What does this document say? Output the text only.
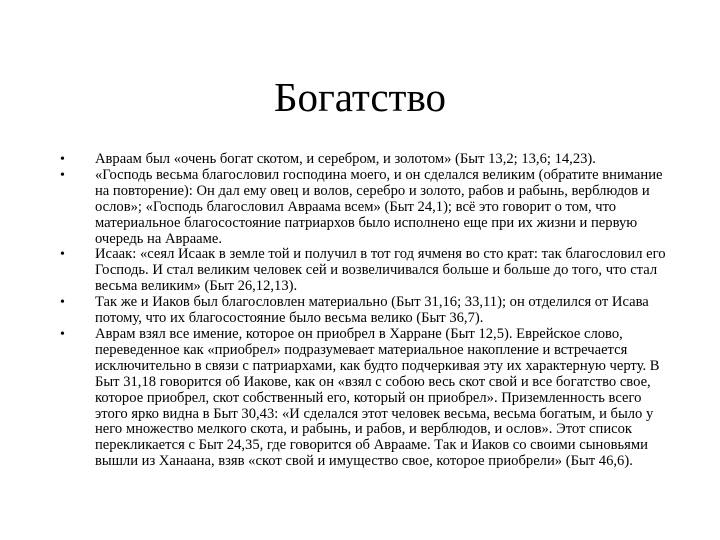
Богатство
• Авраам был «очень богат скотом, и серебром, и золотом» (Быт 13,2; 13,6; 14,23).
• «Господь весьма благословил господина моего, и он сделался великим (обратите внимание на повторение): Он дал ему овец и волов, серебро и золото, рабов и рабынь, верблюдов и ослов»; «Господь благословил Авраама всем» (Быт 24,1); всё это говорит о том, что материальное благосостояние патриархов было исполнено еще при их жизни и первую очередь на Аврааме.
• Исаак: «сеял Исаак в земле той и получил в тот год ячменя во сто крат: так благословил его Господь. И стал великим человек сей и возвеличивался больше и больше до того, что стал весьма великим» (Быт 26,12,13).
• Так же и Иаков был благословлен материально (Быт 31,16; 33,11); он отделился от Исава потому, что их благосостояние было весьма велико (Быт 36,7).
• Аврам взял все имение, которое он приобрел в Харране (Быт 12,5). Еврейское слово, переведенное как «приобрел» подразумевает материальное накопление и встречается исключительно в связи с патриархами, как будто подчеркивая эту их характерную черту. В Быт 31,18 говорится об Иакове, как он «взял с собою весь скот свой и все богатство свое, которое приобрел, скот собственный его, который он приобрел». Приземленность всего этого ярко видна в Быт 30,43: «И сделался этот человек весьма, весьма богатым, и было у него множество мелкого скота, и рабынь, и рабов, и верблюдов, и ослов». Этот список перекликается с Быт 24,35, где говорится об Аврааме. Так и Иаков со своими сыновьями вышли из Ханаана, взяв «скот свой и имущество свое, которое приобрели» (Быт 46,6).
